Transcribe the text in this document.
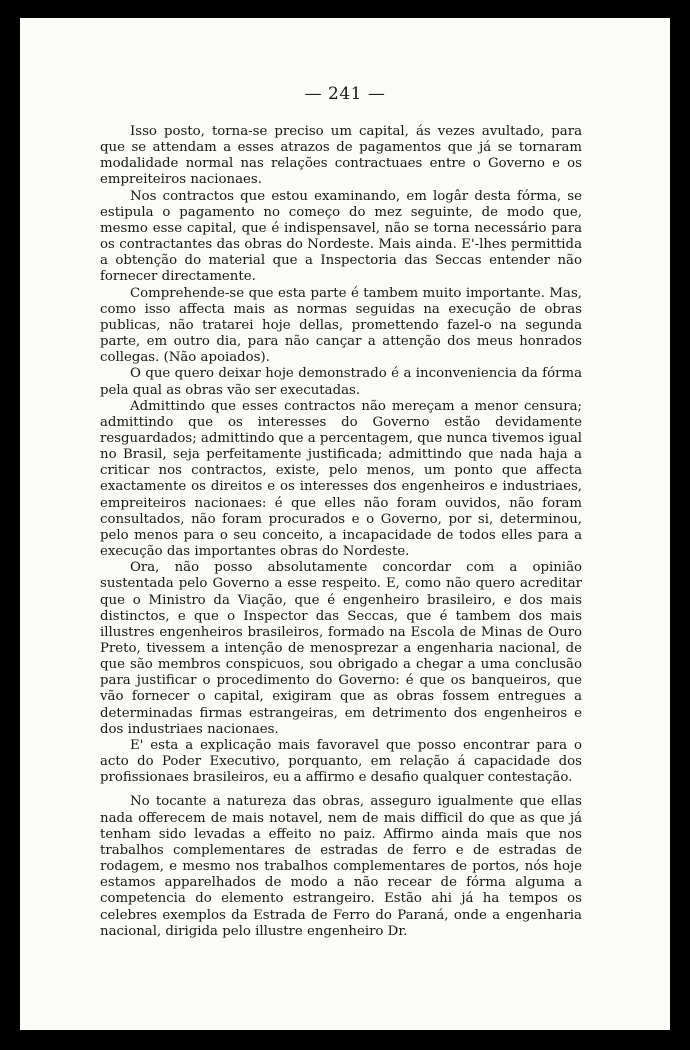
— 241 —

Isso posto, torna-se preciso um capital, ás vezes avultado, para que se attendam a esses atrazos de pagamentos que já se tornaram modalidade normal nas relações contractuaes entre o Governo e os empreiteiros nacionaes.

Nos contractos que estou examinando, em logâr desta fórma, se estipula o pagamento no começo do mez seguinte, de modo que, mesmo esse capital, que é indispensavel, não se torna necessário para os contractantes das obras do Nordeste. Mais ainda. E'-lhes permittida a obtenção do material que a Inspectoria das Seccas entender não fornecer directamente.

Comprehende-se que esta parte é tambem muito importante. Mas, como isso affecta mais as normas seguidas na execução de obras publicas, não tratarei hoje dellas, promettendo fazel-o na segunda parte, em outro dia, para não cançar a attenção dos meus honrados collegas. (Não apoiados).

O que quero deixar hoje demonstrado é a inconveniencia da fórma pela qual as obras vão ser executadas.

Admittindo que esses contractos não mereçam a menor censura; admittindo que os interesses do Governo estão devidamente resguardados; admittindo que a percentagem, que nunca tivemos igual no Brasil, seja perfeitamente justificada; admittindo que nada haja a criticar nos contractos, existe, pelo menos, um ponto que affecta exactamente os direitos e os interesses dos engenheiros e industriaes, empreiteiros nacionaes: é que elles não foram ouvidos, não foram consultados, não foram procurados e o Governo, por si, determinou, pelo menos para o seu conceito, a incapacidade de todos elles para a execução das importantes obras do Nordeste.

Ora, não posso absolutamente concordar com a opinião sustentada pelo Governo a esse respeito. E, como não quero acreditar que o Ministro da Viação, que é engenheiro brasileiro, e dos mais distinctos, e que o Inspector das Seccas, que é tambem dos mais illustres engenheiros brasileiros, formado na Escola de Minas de Ouro Preto, tivessem a intenção de menosprezar a engenharia nacional, de que são membros conspicuos, sou obrigado a chegar a uma conclusão para justificar o procedimento do Governo: é que os banqueiros, que vão fornecer o capital, exigiram que as obras fossem entregues a determinadas firmas estrangeiras, em detrimento dos engenheiros e dos industriaes nacionaes.

E' esta a explicação mais favoravel que posso encontrar para o acto do Poder Executivo, porquanto, em relação á capacidade dos profissionaes brasileiros, eu a affirmo e desafio qualquer contestação.

No tocante a natureza das obras, asseguro igualmente que ellas nada offerecem de mais notavel, nem de mais difficil do que as que já tenham sido levadas a effeito no paiz. Affirmo ainda mais que nos trabalhos complementares de estradas de ferro e de estradas de rodagem, e mesmo nos trabalhos complementares de portos, nós hoje estamos apparelhados de modo a não recear de fórma alguma a competencia do elemento estrangeiro. Estão ahi já ha tempos os celebres exemplos da Estrada de Ferro do Paraná, onde a engenharia nacional, dirigida pelo illustre engenheiro Dr.
